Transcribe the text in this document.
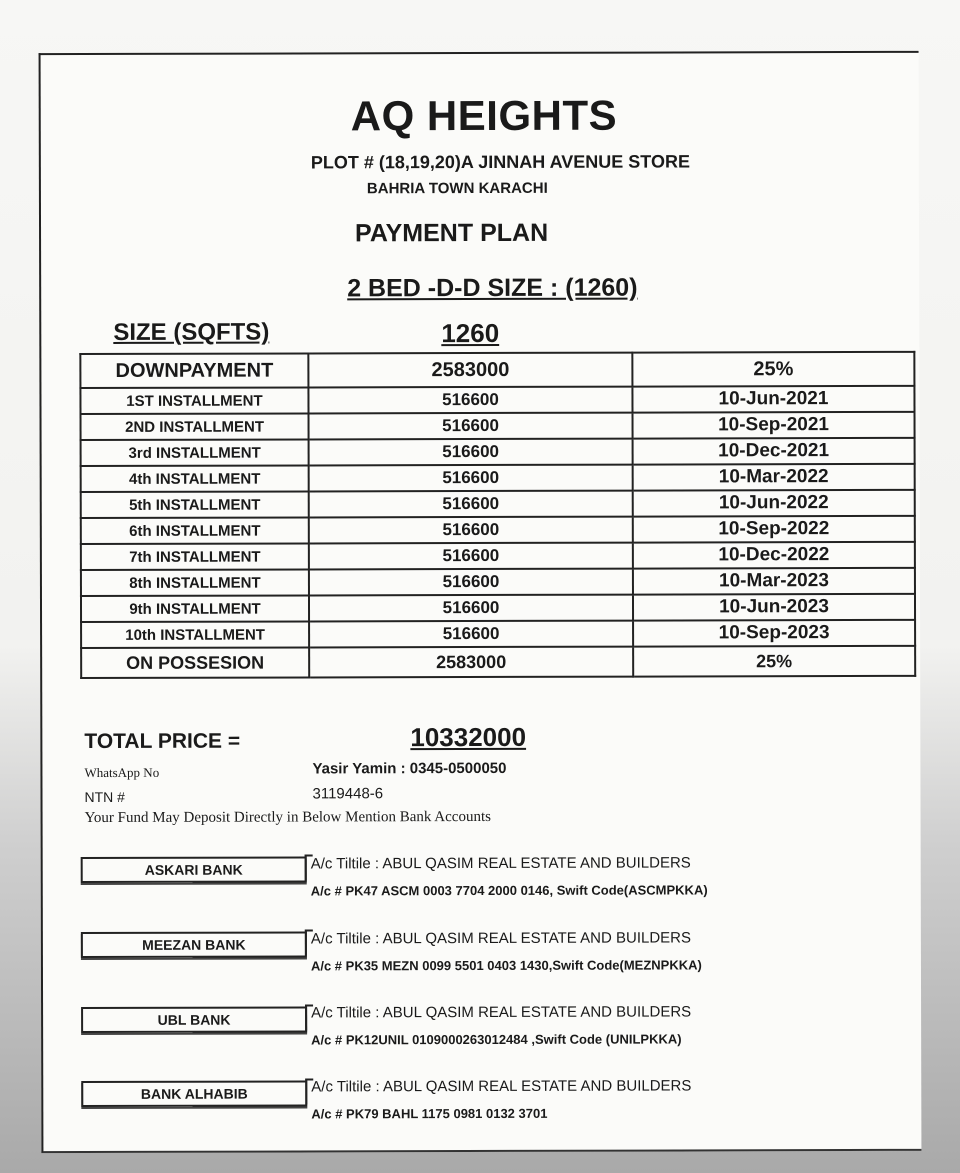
AQ HEIGHTS
PLOT # (18,19,20)A JINNAH AVENUE STORE
BAHRIA TOWN KARACHI
PAYMENT PLAN
2 BED -D-D SIZE : (1260)
SIZE (SQFTS)	1260
DOWNPAYMENT	2583000	25%
1ST INSTALLMENT	516600	10-Jun-2021
2ND INSTALLMENT	516600	10-Sep-2021
3rd INSTALLMENT	516600	10-Dec-2021
4th INSTALLMENT	516600	10-Mar-2022
5th INSTALLMENT	516600	10-Jun-2022
6th INSTALLMENT	516600	10-Sep-2022
7th INSTALLMENT	516600	10-Dec-2022
8th INSTALLMENT	516600	10-Mar-2023
9th INSTALLMENT	516600	10-Jun-2023
10th INSTALLMENT	516600	10-Sep-2023
ON POSSESION	2583000	25%
TOTAL PRICE =	10332000
WhatsApp No	Yasir Yamin : 0345-0500050
NTN #	3119448-6
Your Fund May Deposit Directly in Below Mention Bank Accounts
ASKARI BANK	A/c Tiltile : ABUL QASIM REAL ESTATE AND BUILDERS
A/c # PK47 ASCM 0003 7704 2000 0146, Swift Code(ASCMPKKA)
MEEZAN BANK	A/c Tiltile : ABUL QASIM REAL ESTATE AND BUILDERS
A/c # PK35 MEZN 0099 5501 0403 1430,Swift Code(MEZNPKKA)
UBL BANK	A/c Tiltile : ABUL QASIM REAL ESTATE AND BUILDERS
A/c # PK12UNIL 0109000263012484 ,Swift Code (UNILPKKA)
BANK ALHABIB	A/c Tiltile : ABUL QASIM REAL ESTATE AND BUILDERS
A/c # PK79 BAHL 1175 0981 0132 3701
